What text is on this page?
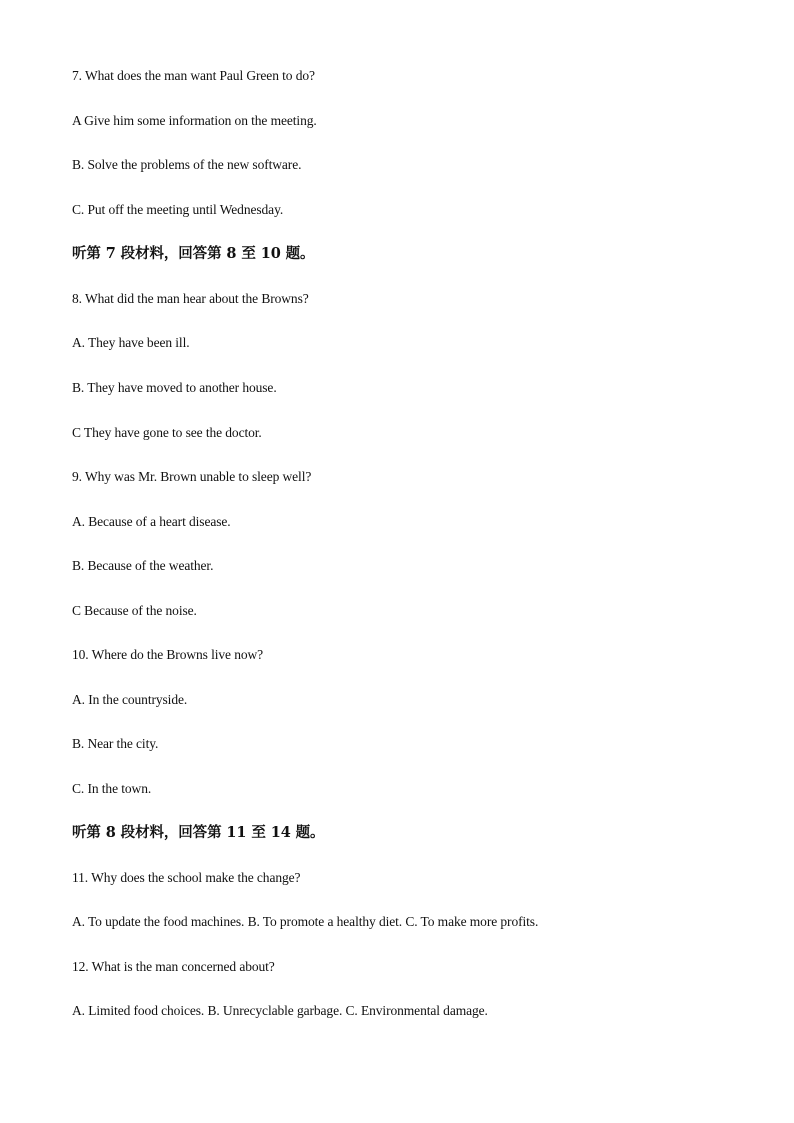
7. What does the man want Paul Green to do?
A Give him some information on the meeting.
B. Solve the problems of the new software.
C. Put off the meeting until Wednesday.
听第 7 段材料，回答第 8 至 10 题。
8. What did the man hear about the Browns?
A. They have been ill.
B. They have moved to another house.
C They have gone to see the doctor.
9. Why was Mr. Brown unable to sleep well?
A. Because of a heart disease.
B. Because of the weather.
C Because of the noise.
10. Where do the Browns live now?
A. In the countryside.
B. Near the city.
C. In the town.
听第 8 段材料，回答第 11 至 14 题。
11. Why does the school make the change?
A. To update the food machines. B. To promote a healthy diet. C. To make more profits.
12. What is the man concerned about?
A. Limited food choices. B. Unrecyclable garbage. C. Environmental damage.
